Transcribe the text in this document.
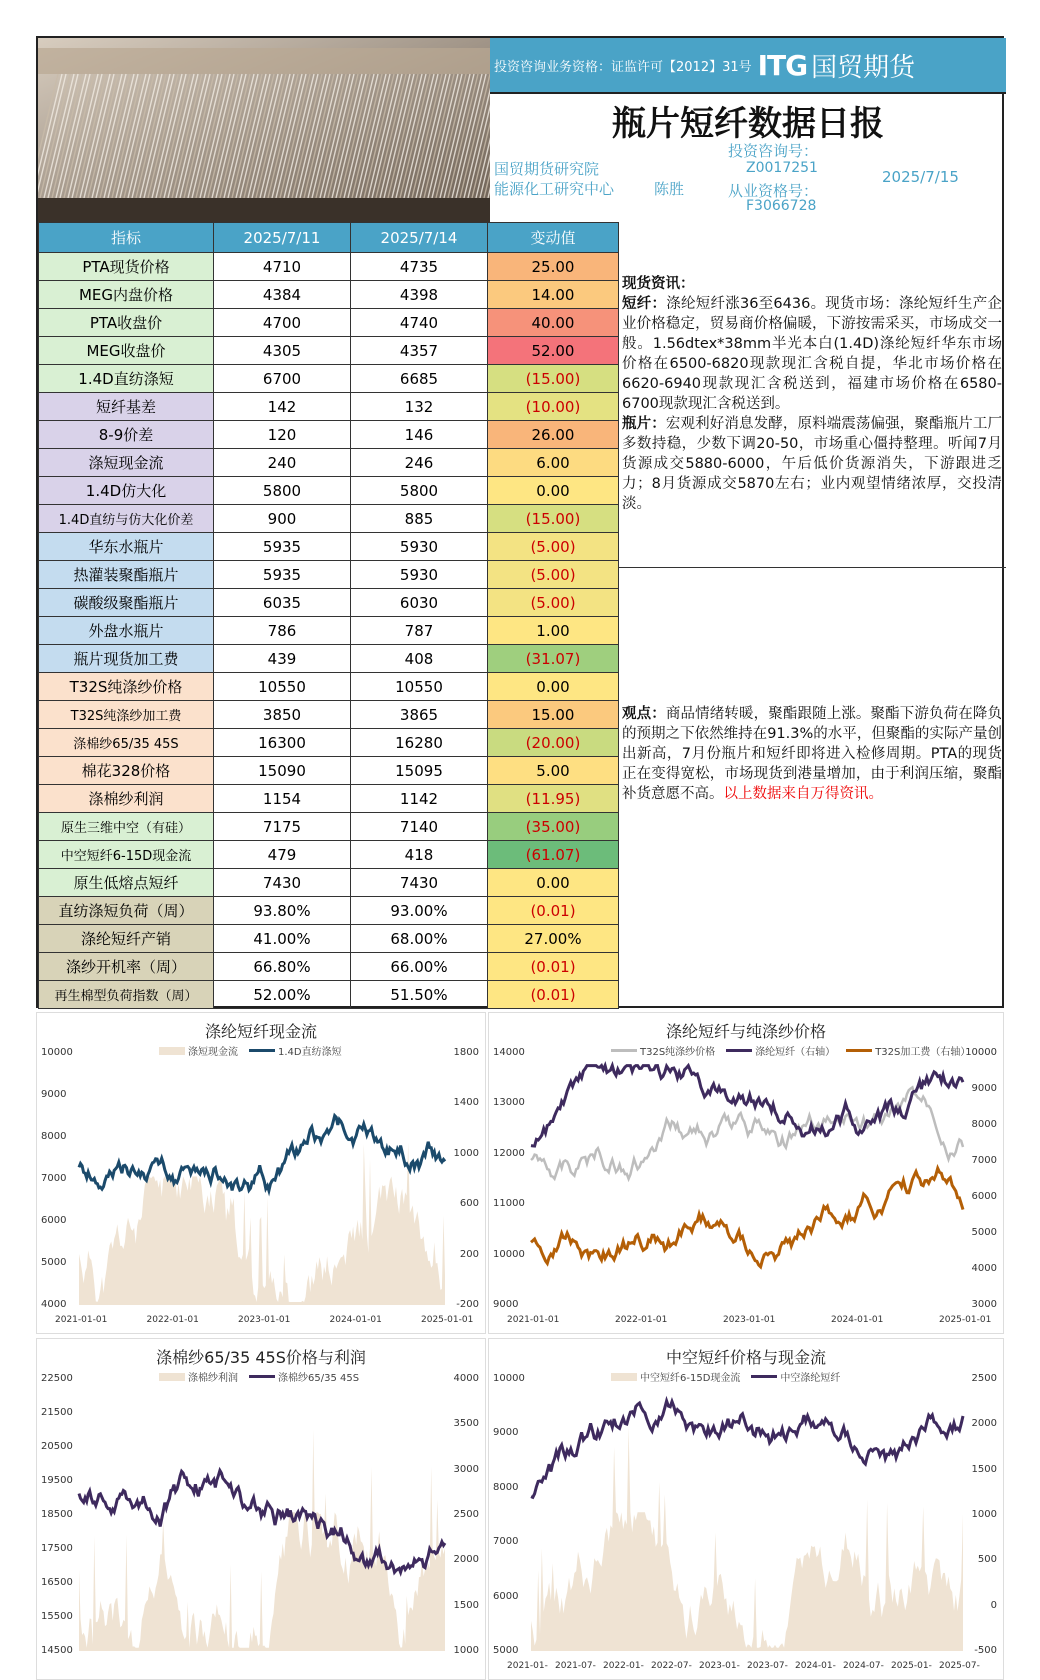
投资咨询业务资格：证监许可【2012】31号 ITG 国贸期货
瓶片短纤数据日报
国贸期货研究院
能源化工研究中心	陈胜
投资咨询号：
Z0017251
从业资格号：
F3066728
2025/7/15
指标	2025/7/11	2025/7/14	变动值
PTA现货价格	4710	4735	25.00
MEG内盘价格	4384	4398	14.00
PTA收盘价	4700	4740	40.00
MEG收盘价	4305	4357	52.00
1.4D直纺涤短	6700	6685	(15.00)
短纤基差	142	132	(10.00)
8-9价差	120	146	26.00
涤短现金流	240	246	6.00
1.4D仿大化	5800	5800	0.00
1.4D直纺与仿大化价差	900	885	(15.00)
华东水瓶片	5935	5930	(5.00)
热灌装聚酯瓶片	5935	5930	(5.00)
碳酸级聚酯瓶片	6035	6030	(5.00)
外盘水瓶片	786	787	1.00
瓶片现货加工费	439	408	(31.07)
T32S纯涤纱价格	10550	10550	0.00
T32S纯涤纱加工费	3850	3865	15.00
涤棉纱65/35 45S	16300	16280	(20.00)
棉花328价格	15090	15095	5.00
涤棉纱利润	1154	1142	(11.95)
原生三维中空（有硅）	7175	7140	(35.00)
中空短纤6-15D现金流	479	418	(61.07)
原生低熔点短纤	7430	7430	0.00
直纺涤短负荷（周）	93.80%	93.00%	(0.01)
涤纶短纤产销	41.00%	68.00%	27.00%
涤纱开机率（周）	66.80%	66.00%	(0.01)
再生棉型负荷指数（周）	52.00%	51.50%	(0.01)
现货资讯：
短纤：涤纶短纤涨36至6436。现货市场：涤纶短纤生产企业价格稳定，贸易商价格偏暖，下游按需采买，市场成交一般。1.56dtex*38mm半光本白(1.4D)涤纶短纤华东市场价格在6500-6820现款现汇含税自提，华北市场价格在6620-6940现款现汇含税送到，福建市场价格在6580-6700现款现汇含税送到。
瓶片：宏观利好消息发酵，原料端震荡偏强，聚酯瓶片工厂多数持稳，少数下调20-50，市场重心僵持整理。听闻7月货源成交5880-6000，午后低价货源消失，下游跟进乏力；8月货源成交5870左右；业内观望情绪浓厚，交投清淡。
观点：商品情绪转暖，聚酯跟随上涨。聚酯下游负荷在降负的预期之下依然维持在91.3%的水平，但聚酯的实际产量创出新高，7月份瓶片和短纤即将进入检修周期。PTA的现货正在变得宽松，市场现货到港量增加，由于利润压缩，聚酯补货意愿不高。以上数据来自万得资讯。
涤纶短纤现金流
涤短现金流	1.4D直纺涤短
10000
9000
8000
7000
6000
5000
4000
1800
1400
1000
600
200
-200
2021-01-01	2022-01-01	2023-01-01	2024-01-01	2025-01-01
涤纶短纤与纯涤纱价格
T32S纯涤纱价格	涤纶短纤（右轴）	T32S加工费（右轴）
14000
13000
12000
11000
10000
9000
10000
9000
8000
7000
6000
5000
4000
3000
2021-01-01	2022-01-01	2023-01-01	2024-01-01	2025-01-01
涤棉纱65/35 45S价格与利润
涤棉纱利润	涤棉纱65/35 45S
22500
21500
20500
19500
18500
17500
16500
15500
14500
4000
3500
3000
2500
2000
1500
1000
中空短纤价格与现金流
中空短纤6-15D现金流	中空涤纶短纤
10000
9000
8000
7000
6000
5000
2500
2000
1500
1000
500
0
-500
2021-01- 2021-07- 2022-01- 2022-07- 2023-01- 2023-07- 2024-01- 2024-07- 2025-01- 2025-07-
